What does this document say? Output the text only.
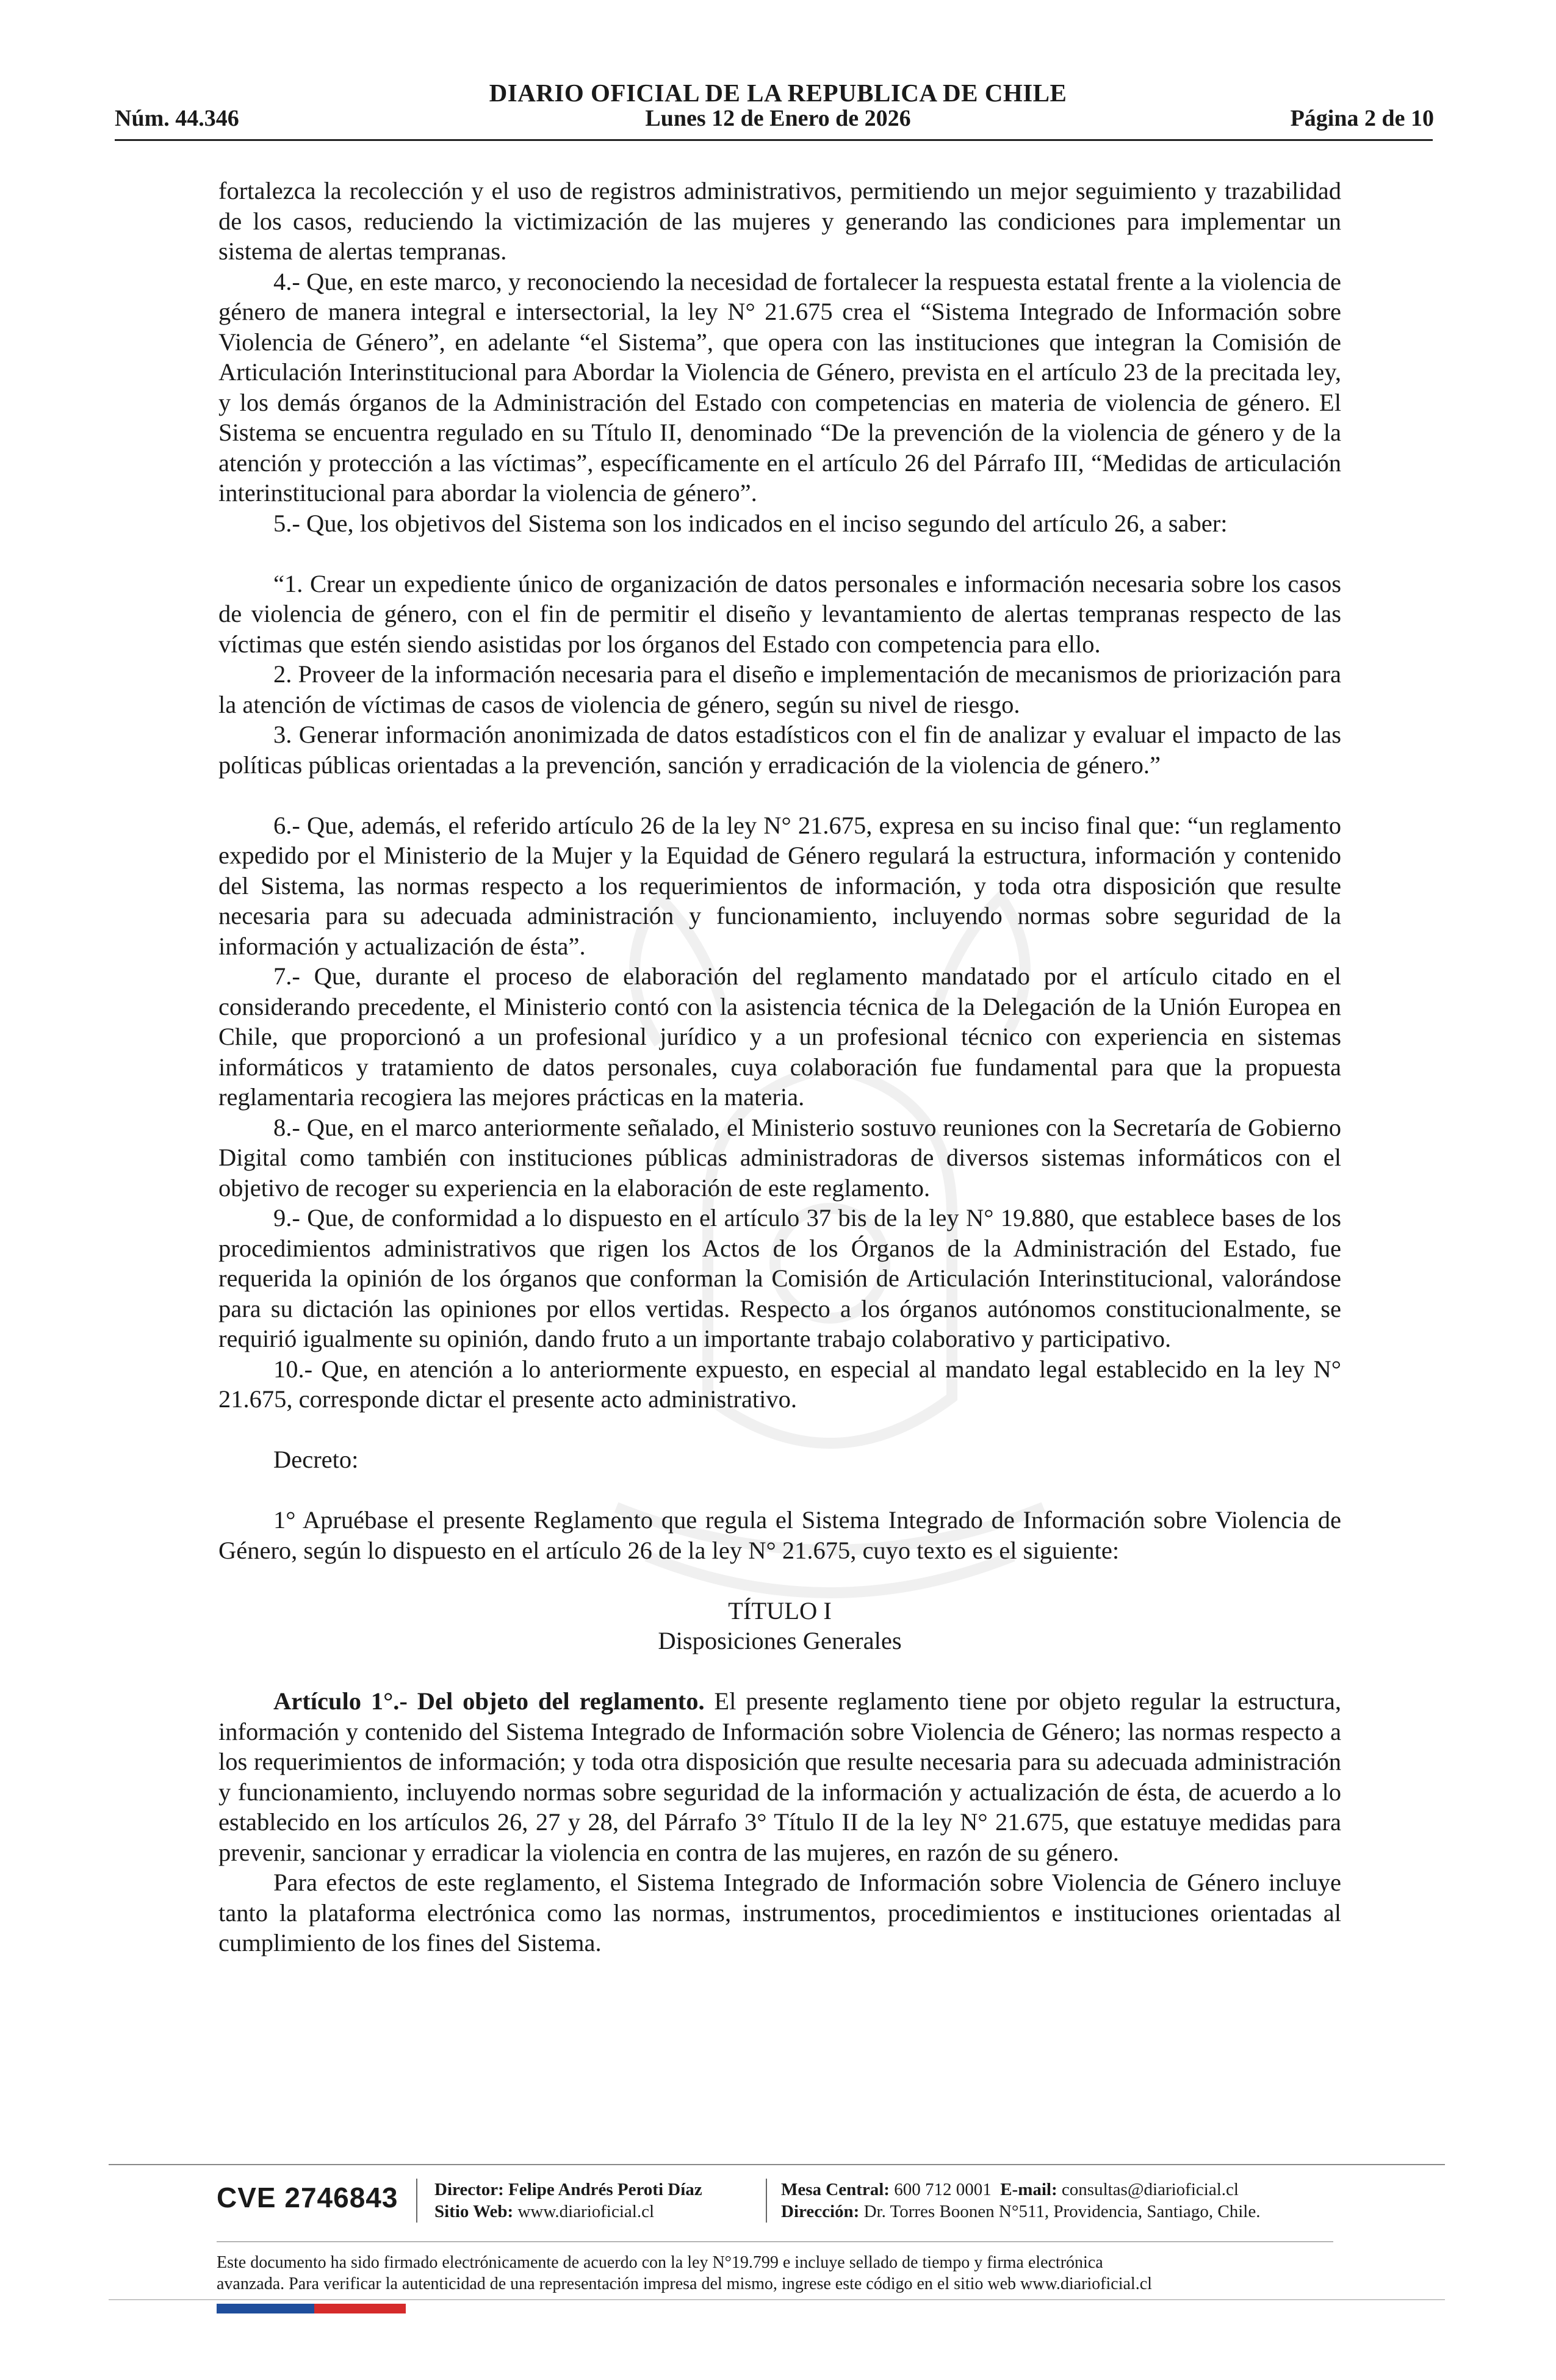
DIARIO OFICIAL DE LA REPUBLICA DE CHILE
Núm. 44.346	Lunes 12 de Enero de 2026	Página 2 de 10

fortalezca la recolección y el uso de registros administrativos, permitiendo un mejor seguimiento y trazabilidad de los casos, reduciendo la victimización de las mujeres y generando las condiciones para implementar un sistema de alertas tempranas.

4.- Que, en este marco, y reconociendo la necesidad de fortalecer la respuesta estatal frente a la violencia de género de manera integral e intersectorial, la ley N° 21.675 crea el “Sistema Integrado de Información sobre Violencia de Género”, en adelante “el Sistema”, que opera con las instituciones que integran la Comisión de Articulación Interinstitucional para Abordar la Violencia de Género, prevista en el artículo 23 de la precitada ley, y los demás órganos de la Administración del Estado con competencias en materia de violencia de género. El Sistema se encuentra regulado en su Título II, denominado “De la prevención de la violencia de género y de la atención y protección a las víctimas”, específicamente en el artículo 26 del Párrafo III, “Medidas de articulación interinstitucional para abordar la violencia de género”.

5.- Que, los objetivos del Sistema son los indicados en el inciso segundo del artículo 26, a saber:

“1. Crear un expediente único de organización de datos personales e información necesaria sobre los casos de violencia de género, con el fin de permitir el diseño y levantamiento de alertas tempranas respecto de las víctimas que estén siendo asistidas por los órganos del Estado con competencia para ello.

2. Proveer de la información necesaria para el diseño e implementación de mecanismos de priorización para la atención de víctimas de casos de violencia de género, según su nivel de riesgo.

3. Generar información anonimizada de datos estadísticos con el fin de analizar y evaluar el impacto de las políticas públicas orientadas a la prevención, sanción y erradicación de la violencia de género.”

6.- Que, además, el referido artículo 26 de la ley N° 21.675, expresa en su inciso final que: “un reglamento expedido por el Ministerio de la Mujer y la Equidad de Género regulará la estructura, información y contenido del Sistema, las normas respecto a los requerimientos de información, y toda otra disposición que resulte necesaria para su adecuada administración y funcionamiento, incluyendo normas sobre seguridad de la información y actualización de ésta”.

7.- Que, durante el proceso de elaboración del reglamento mandatado por el artículo citado en el considerando precedente, el Ministerio contó con la asistencia técnica de la Delegación de la Unión Europea en Chile, que proporcionó a un profesional jurídico y a un profesional técnico con experiencia en sistemas informáticos y tratamiento de datos personales, cuya colaboración fue fundamental para que la propuesta reglamentaria recogiera las mejores prácticas en la materia.

8.- Que, en el marco anteriormente señalado, el Ministerio sostuvo reuniones con la Secretaría de Gobierno Digital como también con instituciones públicas administradoras de diversos sistemas informáticos con el objetivo de recoger su experiencia en la elaboración de este reglamento.

9.- Que, de conformidad a lo dispuesto en el artículo 37 bis de la ley N° 19.880, que establece bases de los procedimientos administrativos que rigen los Actos de los Órganos de la Administración del Estado, fue requerida la opinión de los órganos que conforman la Comisión de Articulación Interinstitucional, valorándose para su dictación las opiniones por ellos vertidas. Respecto a los órganos autónomos constitucionalmente, se requirió igualmente su opinión, dando fruto a un importante trabajo colaborativo y participativo.

10.- Que, en atención a lo anteriormente expuesto, en especial al mandato legal establecido en la ley N° 21.675, corresponde dictar el presente acto administrativo.

Decreto:

1° Apruébase el presente Reglamento que regula el Sistema Integrado de Información sobre Violencia de Género, según lo dispuesto en el artículo 26 de la ley N° 21.675, cuyo texto es el siguiente:

TÍTULO I

Disposiciones Generales

Artículo 1°.- Del objeto del reglamento. El presente reglamento tiene por objeto regular la estructura, información y contenido del Sistema Integrado de Información sobre Violencia de Género; las normas respecto a los requerimientos de información; y toda otra disposición que resulte necesaria para su adecuada administración y funcionamiento, incluyendo normas sobre seguridad de la información y actualización de ésta, de acuerdo a lo establecido en los artículos 26, 27 y 28, del Párrafo 3° Título II de la ley N° 21.675, que estatuye medidas para prevenir, sancionar y erradicar la violencia en contra de las mujeres, en razón de su género.

Para efectos de este reglamento, el Sistema Integrado de Información sobre Violencia de Género incluye tanto la plataforma electrónica como las normas, instrumentos, procedimientos e instituciones orientadas al cumplimiento de los fines del Sistema.

CVE 2746843 Director: Felipe Andrés Peroti Díaz
Sitio Web: www.diarioficial.cl
Mesa Central: 600 712 0001 E-mail: consultas@diarioficial.cl
Dirección: Dr. Torres Boonen N°511, Providencia, Santiago, Chile.
Este documento ha sido firmado electrónicamente de acuerdo con la ley N°19.799 e incluye sellado de tiempo y firma electrónica
avanzada. Para verificar la autenticidad de una representación impresa del mismo, ingrese este código en el sitio web www.diarioficial.cl
